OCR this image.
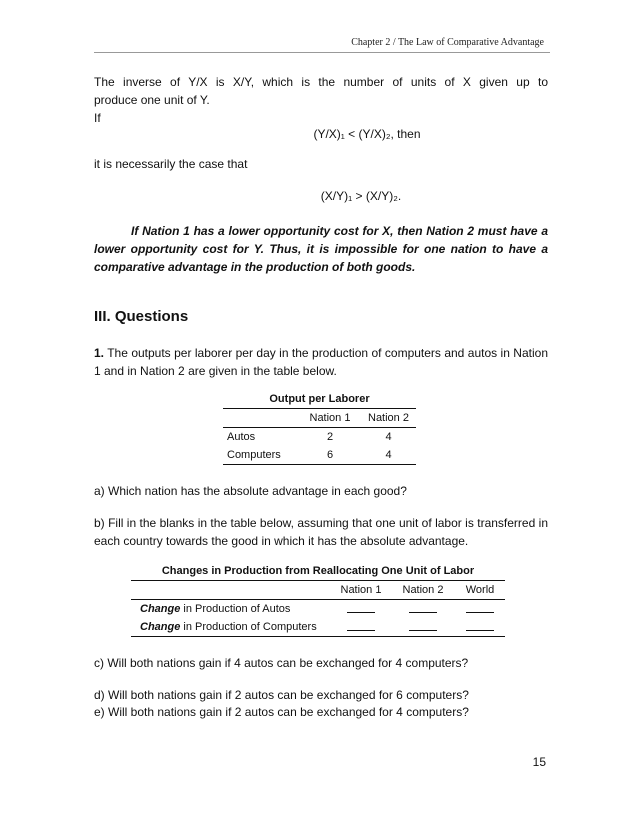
Chapter 2 / The Law of Comparative Advantage
The inverse of Y/X is X/Y, which is the number of units of X given up to
produce one unit of Y.
If
(Y/X)₁ < (Y/X)₂, then
it is necessarily the case that
(X/Y)₁ > (X/Y)₂.
If Nation 1 has a lower opportunity cost for X, then Nation 2 must have a lower opportunity cost for Y. Thus, it is impossible for one nation to have a comparative advantage in the production of both goods.
III. Questions
1. The outputs per laborer per day in the production of computers and autos in Nation 1 and in Nation 2 are given in the table below.
Output per Laborer
	Nation 1	Nation 2
Autos	2	4
Computers	6	4
a) Which nation has the absolute advantage in each good?
b) Fill in the blanks in the table below, assuming that one unit of labor is transferred in each country towards the good in which it has the absolute advantage.
Changes in Production from Reallocating One Unit of Labor
	Nation 1	Nation 2	World
Change in Production of Autos			
Change in Production of Computers			
c) Will both nations gain if 4 autos can be exchanged for 4 computers?
d) Will both nations gain if 2 autos can be exchanged for 6 computers?
e) Will both nations gain if 2 autos can be exchanged for 4 computers?
15
